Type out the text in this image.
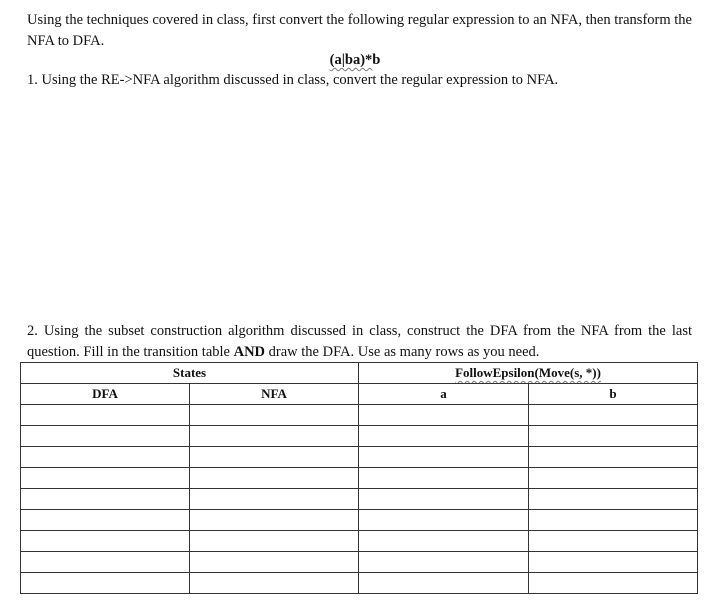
Using the techniques covered in class, first convert the following regular expression to an NFA, then transform the NFA to DFA.
(a|ba)*b
1. Using the RE->NFA algorithm discussed in class, convert the regular expression to NFA.
2. Using the subset construction algorithm discussed in class, construct the DFA from the NFA from the last question. Fill in the transition table AND draw the DFA. Use as many rows as you need.
States		FollowEpsilon(Move(s, *))	
DFA	NFA	a	b
